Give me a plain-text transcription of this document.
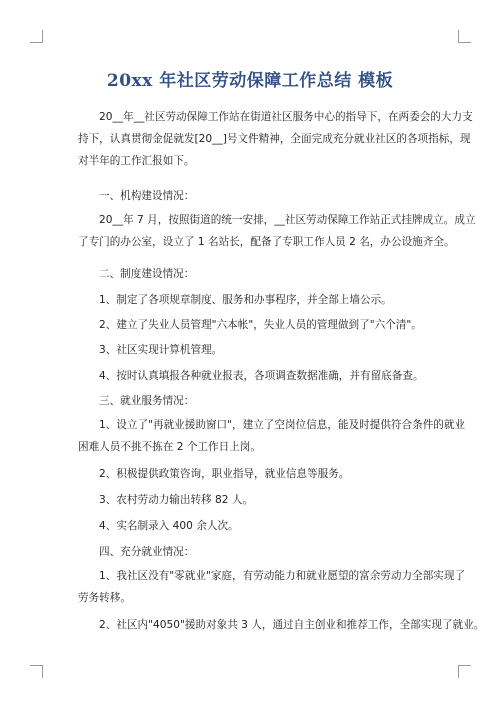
20xx 年社区劳动保障工作总结 模板

20__年__社区劳动保障工作站在街道社区服务中心的指导下，在两委会的大力支
持下，认真贯彻金促就发[20__]号文件精神，全面完成充分就业社区的各项指标，现
对半年的工作汇报如下。

一、机构建设情况：

20__年 7 月，按照街道的统一安排，__社区劳动保障工作站正式挂牌成立。成立
了专门的办公室，设立了 1 名站长，配备了专职工作人员 2 名，办公设施齐全。

二、制度建设情况：

1、制定了各项规章制度、服务和办事程序，并全部上墙公示。

2、建立了失业人员管理"六本帐"，失业人员的管理做到了"六个清"。

3、社区实现计算机管理。

4、按时认真填报各种就业报表，各项调查数据准确，并有留底备查。

三、就业服务情况：

1、设立了"再就业援助窗口"，建立了空岗位信息，能及时提供符合条件的就业
困难人员不挑不拣在 2 个工作日上岗。

2、积极提供政策咨询，职业指导，就业信息等服务。

3、农村劳动力输出转移 82 人。

4、实名制录入 400 余人次。

四、充分就业情况：

1、我社区没有"零就业"家庭，有劳动能力和就业愿望的富余劳动力全部实现了
劳务转移。

2、社区内"4050"援助对象共 3 人，通过自主创业和推荐工作，全部实现了就业。
